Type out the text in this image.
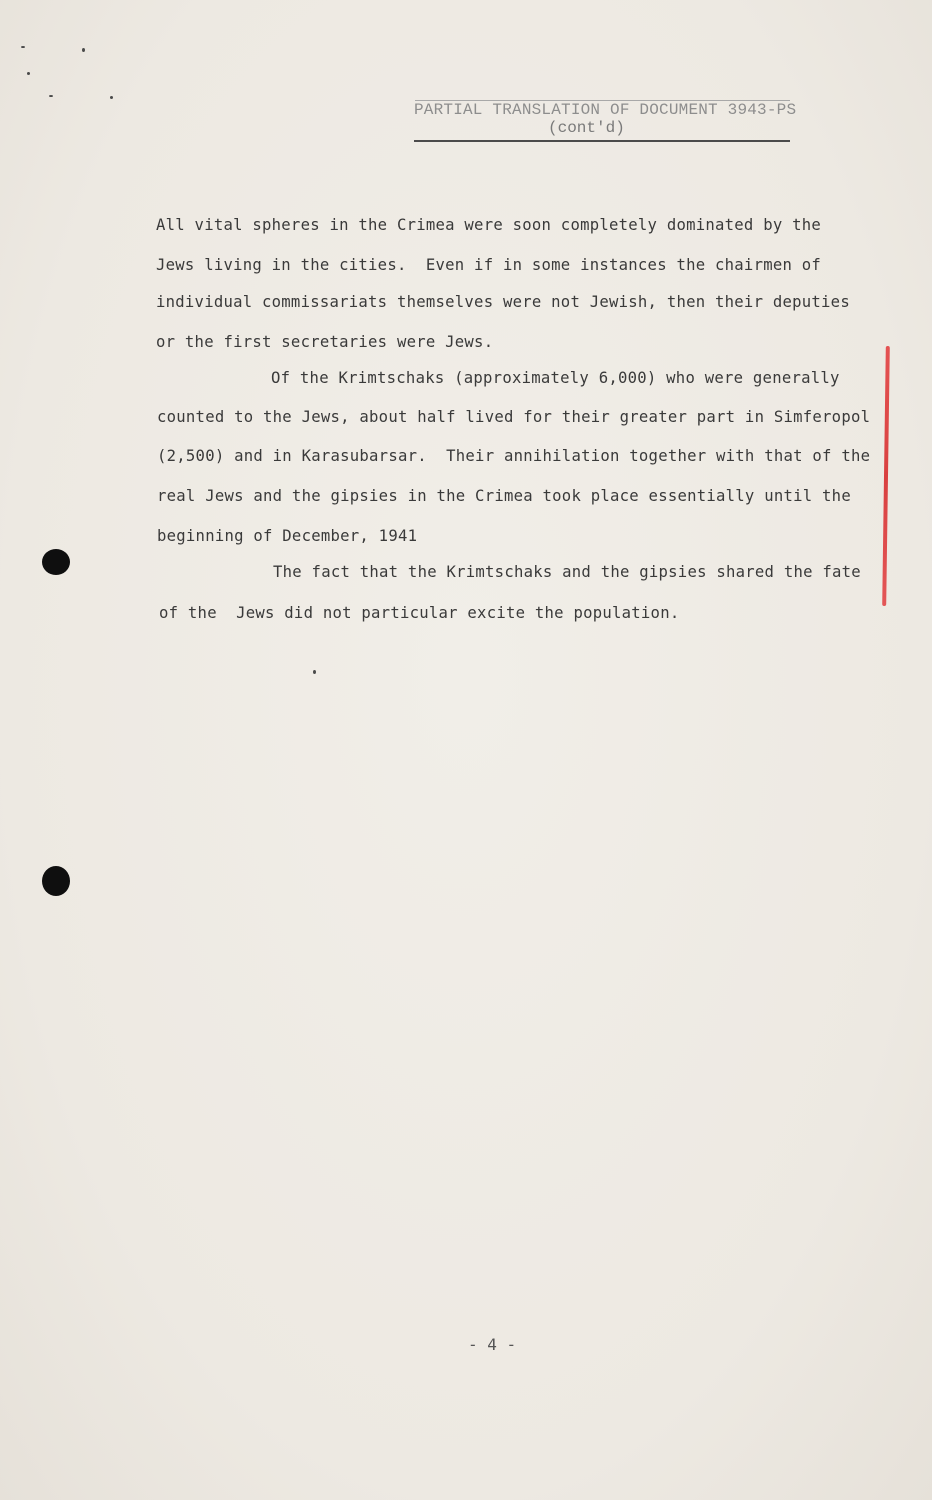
PARTIAL TRANSLATION OF DOCUMENT 3943-PS
(cont'd)
All vital spheres in the Crimea were soon completely dominated by the
Jews living in the cities.  Even if in some instances the chairmen of
individual commissariats themselves were not Jewish, then their deputies
or the first secretaries were Jews.
Of the Krimtschaks (approximately 6,000) who were generally
counted to the Jews, about half lived for their greater part in Simferopol
(2,500) and in Karasubarsar.  Their annihilation together with that of the
real Jews and the gipsies in the Crimea took place essentially until the
beginning of December, 1941
The fact that the Krimtschaks and the gipsies shared the fate
of the  Jews did not particular excite the population.
- 4 -
